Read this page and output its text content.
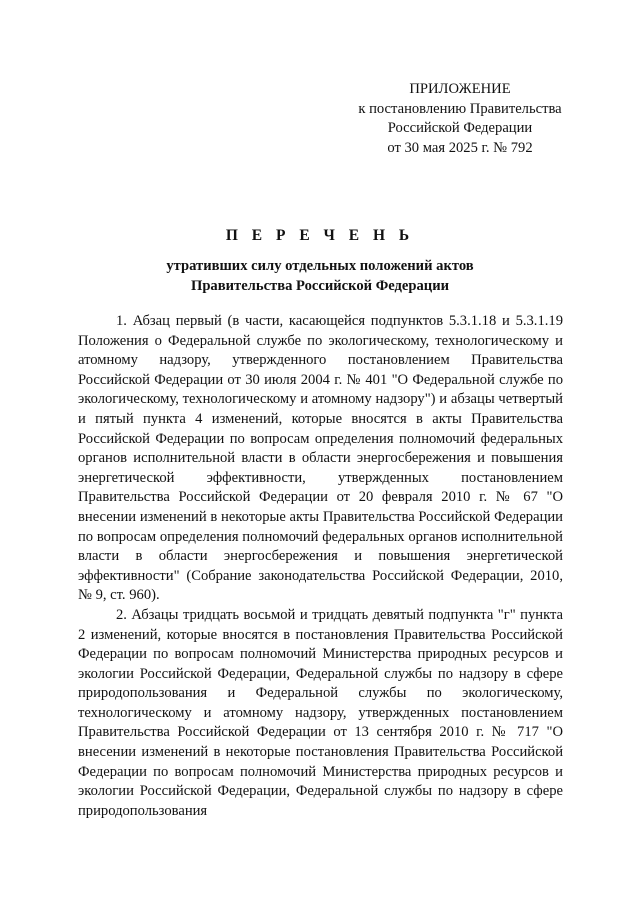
ПРИЛОЖЕНИЕ
к постановлению Правительства
Российской Федерации
от 30 мая 2025 г. № 792
П Е Р Е Ч Е Н Ь
утративших силу отдельных положений актов
Правительства Российской Федерации

1. Абзац первый (в части, касающейся подпунктов 5.3.1.18 и 5.3.1.19 Положения о Федеральной службе по экологическому, технологическому и атомному надзору, утвержденного постановлением Правительства Российской Федерации от 30 июля 2004 г. № 401 "О Федеральной службе по экологическому, технологическому и атомному надзору") и абзацы четвертый и пятый пункта 4 изменений, которые вносятся в акты Правительства Российской Федерации по вопросам определения полномочий федеральных органов исполнительной власти в области энергосбережения и повышения энергетической эффективности, утвержденных постановлением Правительства Российской Федерации от 20 февраля 2010 г. № 67 "О внесении изменений в некоторые акты Правительства Российской Федерации по вопросам определения полномочий федеральных органов исполнительной власти в области энергосбережения и повышения энергетической эффективности" (Собрание законодательства Российской Федерации, 2010, № 9, ст. 960).

2. Абзацы тридцать восьмой и тридцать девятый подпункта "г" пункта 2 изменений, которые вносятся в постановления Правительства Российской Федерации по вопросам полномочий Министерства природных ресурсов и экологии Российской Федерации, Федеральной службы по надзору в сфере природопользования и Федеральной службы по экологическому, технологическому и атомному надзору, утвержденных постановлением Правительства Российской Федерации от 13 сентября 2010 г. № 717 "О внесении изменений в некоторые постановления Правительства Российской Федерации по вопросам полномочий Министерства природных ресурсов и экологии Российской Федерации, Федеральной службы по надзору в сфере природопользования
